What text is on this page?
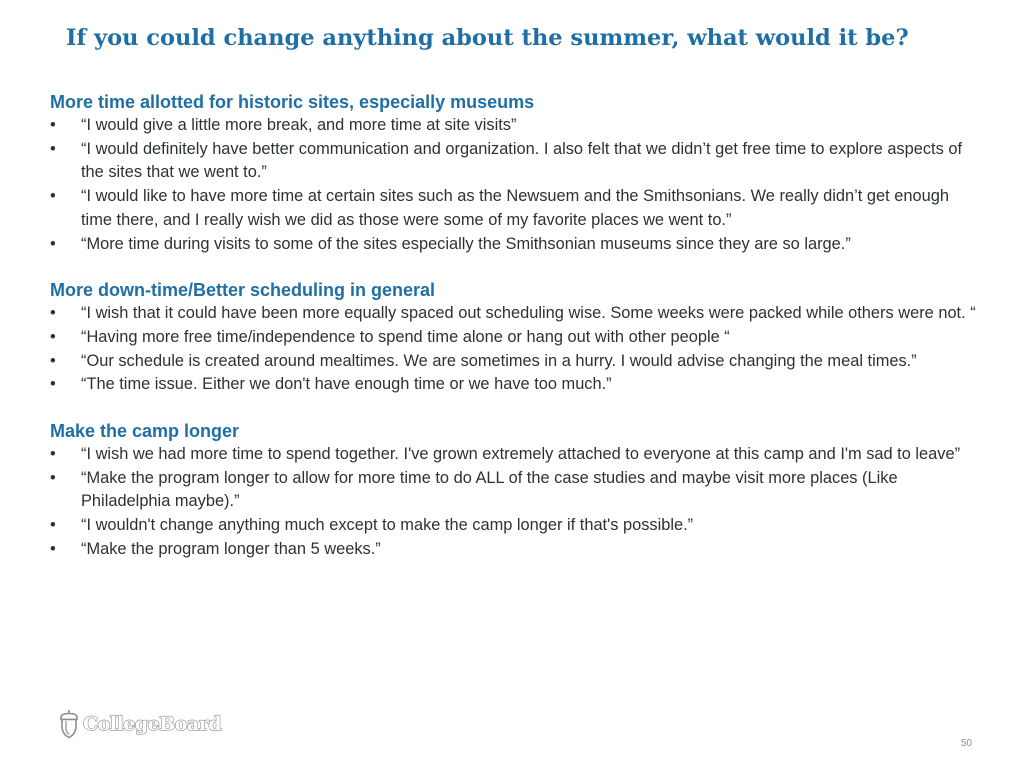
If you could change anything about the summer, what would it be?

More time allotted for historic sites, especially museums

• “I would give a little more break, and more time at site visits”
• “I would definitely have better communication and organization. I also felt that we didn’t get free time to explore aspects of the sites that we went to.”
• “I would like to have more time at certain sites such as the Newsuem and the Smithsonians. We really didn’t get enough time there, and I really wish we did as those were some of my favorite places we went to.”
• “More time during visits to some of the sites especially the Smithsonian museums since they are so large.”

More down-time/Better scheduling in general

• “I wish that it could have been more equally spaced out scheduling wise. Some weeks were packed while others were not. “
• “Having more free time/independence to spend time alone or hang out with other people “
• “Our schedule is created around mealtimes. We are sometimes in a hurry. I would advise changing the meal times.”
• “The time issue. Either we don't have enough time or we have too much.”

Make the camp longer

• “I wish we had more time to spend together. I've grown extremely attached to everyone at this camp and I'm sad to leave”
• “Make the program longer to allow for more time to do ALL of the case studies and maybe visit more places (Like Philadelphia maybe).”
• “I wouldn't change anything much except to make the camp longer if that's possible.”
• “Make the program longer than 5 weeks.”
CollegeBoard
50
